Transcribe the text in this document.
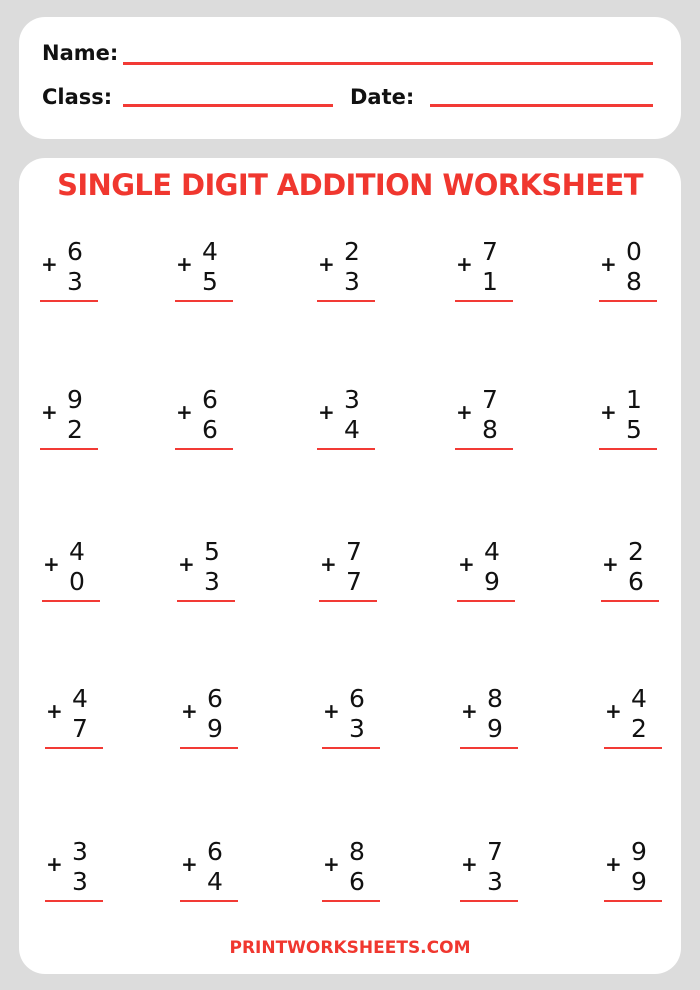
Name:
Class:	Date:
SINGLE DIGIT ADDITION WORKSHEET
6
+
3
4
+
5
2
+
3
7
+
1
0
+
8
9
+
2
6
+
6
3
+
4
7
+
8
1
+
5
4
+
0
5
+
3
7
+
7
4
+
9
2
+
6
4
+
7
6
+
9
6
+
3
8
+
9
4
+
2
3
+
3
6
+
4
8
+
6
7
+
3
9
+
9
PRINTWORKSHEETS.COM
